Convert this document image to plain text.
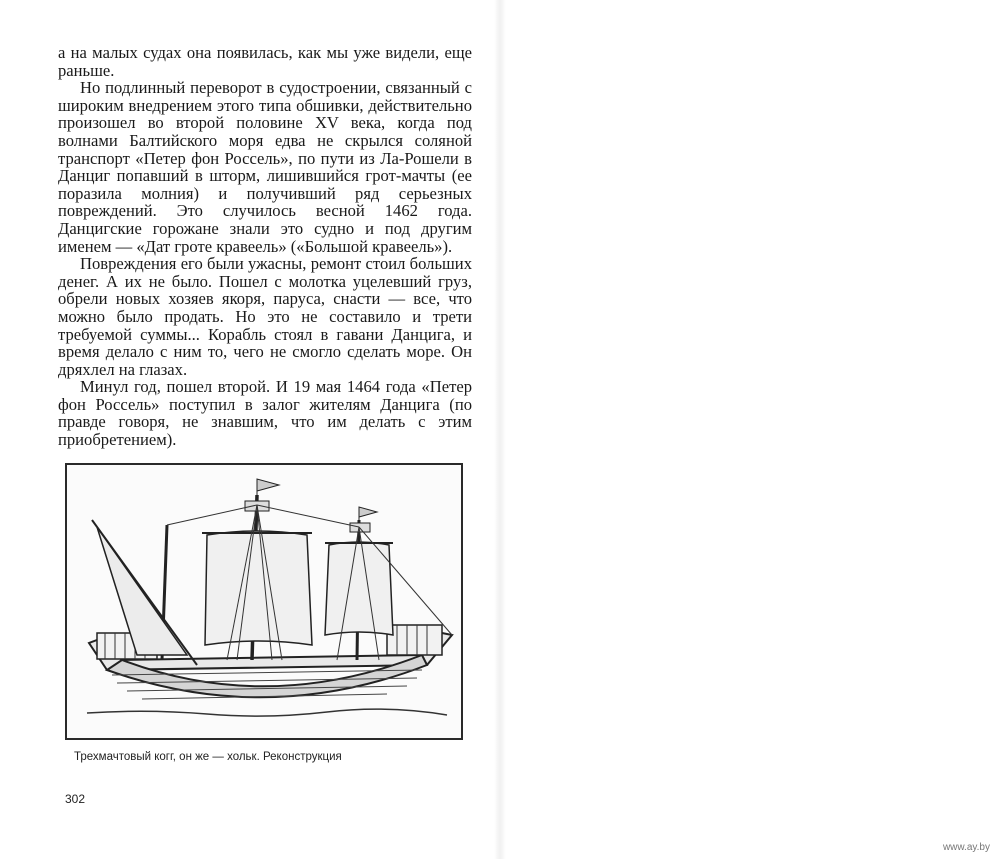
а на малых судах она появилась, как мы уже видели, еще раньше.

Но подлинный переворот в судостроении, связанный с широким внедрением этого типа обшивки, действительно произошел во второй половине XV века, когда под волнами Балтийского моря едва не скрылся соляной транспорт «Петер фон Россель», по пути из Ла-Рошели в Данциг попавший в шторм, лишившийся грот-мачты (ее поразила молния) и получивший ряд серьезных повреждений. Это случилось весной 1462 года. Данцигские горожане знали это судно и под другим именем — «Дат гроте кравеель» («Большой кравеель»).

Повреждения его были ужасны, ремонт стоил больших денег. А их не было. Пошел с молотка уцелевший груз, обрели новых хозяев якоря, паруса, снасти — все, что можно было продать. Но это не составило и трети требуемой суммы... Корабль стоял в гавани Данцига, и время делало с ним то, чего не смогло сделать море. Он дряхлел на глазах.

Минул год, пошел второй. И 19 мая 1464 года «Петер фон Россель» поступил в залог жителям Данцига (по правде говоря, не знавшим, что им делать с этим приобретением).

Трехмачтовый когг, он же — хольк. Реконструкция
302

www.ay.by
